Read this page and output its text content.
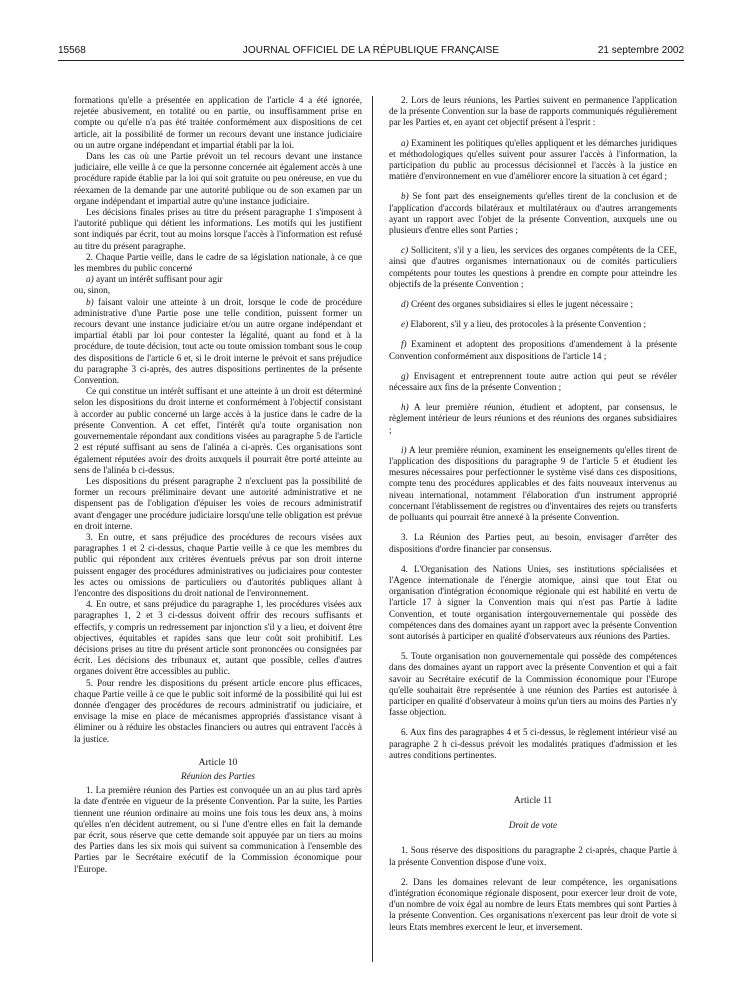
15568	JOURNAL OFFICIEL DE LA RÉPUBLIQUE FRANÇAISE	21 septembre 2002

formations qu'elle a présentée en application de l'article 4 a été ignorée, rejetée abusivement, en totalité ou en partie, ou insuffisamment prise en compte ou qu'elle n'a pas été traitée conformément aux dispositions de cet article, ait la possibilité de former un recours devant une instance judiciaire ou un autre organe indépendant et impartial établi par la loi.

Dans les cas où une Partie prévoit un tel recours devant une instance judiciaire, elle veille à ce que la personne concernée ait également accès à une procédure rapide établie par la loi qui soit gratuite ou peu onéreuse, en vue du réexamen de la demande par une autorité publique ou de son examen par un organe indépendant et impartial autre qu'une instance judiciaire.

Les décisions finales prises au titre du présent paragraphe 1 s'imposent à l'autorité publique qui détient les informations. Les motifs qui les justifient sont indiqués par écrit, tout au moins lorsque l'accès à l'information est refusé au titre du présent paragraphe.

2. Chaque Partie veille, dans le cadre de sa législation nationale, à ce que les membres du public concerné

a) ayant un intérêt suffisant pour agir

ou, sinon,

b) faisant valoir une atteinte à un droit, lorsque le code de procédure administrative d'une Partie pose une telle condition, puissent former un recours devant une instance judiciaire et/ou un autre organe indépendant et impartial établi par loi pour contester la légalité, quant au fond et à la procédure, de toute décision, tout acte ou toute omission tombant sous le coup des dispositions de l'article 6 et, si le droit interne le prévoit et sans préjudice du paragraphe 3 ci-après, des autres dispositions pertinentes de la présente Convention.

Ce qui constitue un intérêt suffisant et une atteinte à un droit est déterminé selon les dispositions du droit interne et conformément à l'objectif consistant à accorder au public concerné un large accès à la justice dans le cadre de la présente Convention. A cet effet, l'intérêt qu'a toute organisation non gouvernementale répondant aux conditions visées au paragraphe 5 de l'article 2 est réputé suffisant au sens de l'alinéa a ci-après. Ces organisations sont également réputées avoir des droits auxquels il pourrait être porté atteinte au sens de l'alinéa b ci-dessus.

Les dispositions du présent paragraphe 2 n'excluent pas la possibilité de former un recours préliminaire devant une autorité administrative et ne dispensent pas de l'obligation d'épuiser les voies de recours administratif avant d'engager une procédure judiciaire lorsqu'une telle obligation est prévue en droit interne.

3. En outre, et sans préjudice des procédures de recours visées aux paragraphes 1 et 2 ci-dessus, chaque Partie veille à ce que les membres du public qui répondent aux critères éventuels prévus par son droit interne puissent engager des procédures administratives ou judiciaires pour contester les actes ou omissions de particuliers ou d'autorités publiques allant à l'encontre des dispositions du droit national de l'environnement.

4. En outre, et sans préjudice du paragraphe 1, les procédures visées aux paragraphes 1, 2 et 3 ci-dessus doivent offrir des recours suffisants et effectifs, y compris un redressement par injonction s'il y a lieu, et doivent être objectives, équitables et rapides sans que leur coût soit prohibitif. Les décisions prises au titre du présent article sont prononcées ou consignées par écrit. Les décisions des tribunaux et, autant que possible, celles d'autres organes doivent être accessibles au public.

5. Pour rendre les dispositions du présent article encore plus efficaces, chaque Partie veille à ce que le public soit informé de la possibilité qui lui est donnée d'engager des procédures de recours administratif ou judiciaire, et envisage la mise en place de mécanismes appropriés d'assistance visant à éliminer ou à réduire les obstacles financiers ou autres qui entravent l'accès à la justice.

Article 10

Réunion des Parties

1. La première réunion des Parties est convoquée un an au plus tard après la date d'entrée en vigueur de la présente Convention. Par la suite, les Parties tiennent une réunion ordinaire au moins une fois tous les deux ans, à moins qu'elles n'en décident autrement, ou si l'une d'entre elles en fait la demande par écrit, sous réserve que cette demande soit appuyée par un tiers au moins des Parties dans les six mois qui suivent sa communication à l'ensemble des Parties par le Secrétaire exécutif de la Commission économique pour l'Europe.

2. Lors de leurs réunions, les Parties suivent en permanence l'application de la présente Convention sur la base de rapports communiqués régulièrement par les Parties et, en ayant cet objectif présent à l'esprit :

a) Examinent les politiques qu'elles appliquent et les démarches juridiques et méthodologiques qu'elles suivent pour assurer l'accès à l'information, la participation du public au processus décisionnel et l'accès à la justice en matière d'environnement en vue d'améliorer encore la situation à cet égard ;

b) Se font part des enseignements qu'elles tirent de la conclusion et de l'application d'accords bilatéraux et multilatéraux ou d'autres arrangements ayant un rapport avec l'objet de la présente Convention, auxquels une ou plusieurs d'entre elles sont Parties ;

c) Sollicitent, s'il y a lieu, les services des organes compétents de la CEE, ainsi que d'autres organismes internationaux ou de comités particuliers compétents pour toutes les questions à prendre en compte pour atteindre les objectifs de la présente Convention ;

d) Créent des organes subsidiaires si elles le jugent nécessaire ;

e) Elaborent, s'il y a lieu, des protocoles à la présente Convention ;

f) Examinent et adoptent des propositions d'amendement à la présente Convention conformément aux dispositions de l'article 14 ;

g) Envisagent et entreprennent toute autre action qui peut se révéler nécessaire aux fins de la présente Convention ;

h) A leur première réunion, étudient et adoptent, par consensus, le règlement intérieur de leurs réunions et des réunions des organes subsidiaires ;

i) A leur première réunion, examinent les enseignements qu'elles tirent de l'application des dispositions du paragraphe 9 de l'article 5 et étudient les mesures nécessaires pour perfectionner le système visé dans ces dispositions, compte tenu des procédures applicables et des faits nouveaux intervenus au niveau international, notamment l'élaboration d'un instrument approprié concernant l'établissement de registres ou d'inventaires des rejets ou transferts de polluants qui pourrait être annexé à la présente Convention.

3. La Réunion des Parties peut, au besoin, envisager d'arrêter des dispositions d'ordre financier par consensus.

4. L'Organisation des Nations Unies, ses institutions spécialisées et l'Agence internationale de l'énergie atomique, ainsi que tout Etat ou organisation d'intégration économique régionale qui est habilité en vertu de l'article 17 à signer la Convention mais qui n'est pas Partie à ladite Convention, et toute organisation intergouvernementale qui possède des compétences dans des domaines ayant un rapport avec la présente Convention sont autorisés à participer en qualité d'observateurs aux réunions des Parties.

5. Toute organisation non gouvernementale qui possède des compétences dans des domaines ayant un rapport avec la présente Convention et qui a fait savoir au Secrétaire exécutif de la Commission économique pour l'Europe qu'elle souhaitait être représentée à une réunion des Parties est autorisée à participer en qualité d'observateur à moins qu'un tiers au moins des Parties n'y fasse objection.

6. Aux fins des paragraphes 4 et 5 ci-dessus, le règlement intérieur visé au paragraphe 2 h ci-dessus prévoit les modalités pratiques d'admission et les autres conditions pertinentes.

Article 11

Droit de vote

1. Sous réserve des dispositions du paragraphe 2 ci-après, chaque Partie à la présente Convention dispose d'une voix.

2. Dans les domaines relevant de leur compétence, les organisations d'intégration économique régionale disposent, pour exercer leur droit de vote, d'un nombre de voix égal au nombre de leurs Etats membres qui sont Parties à la présente Convention. Ces organisations n'exercent pas leur droit de vote si leurs Etats membres exercent le leur, et inversement.
